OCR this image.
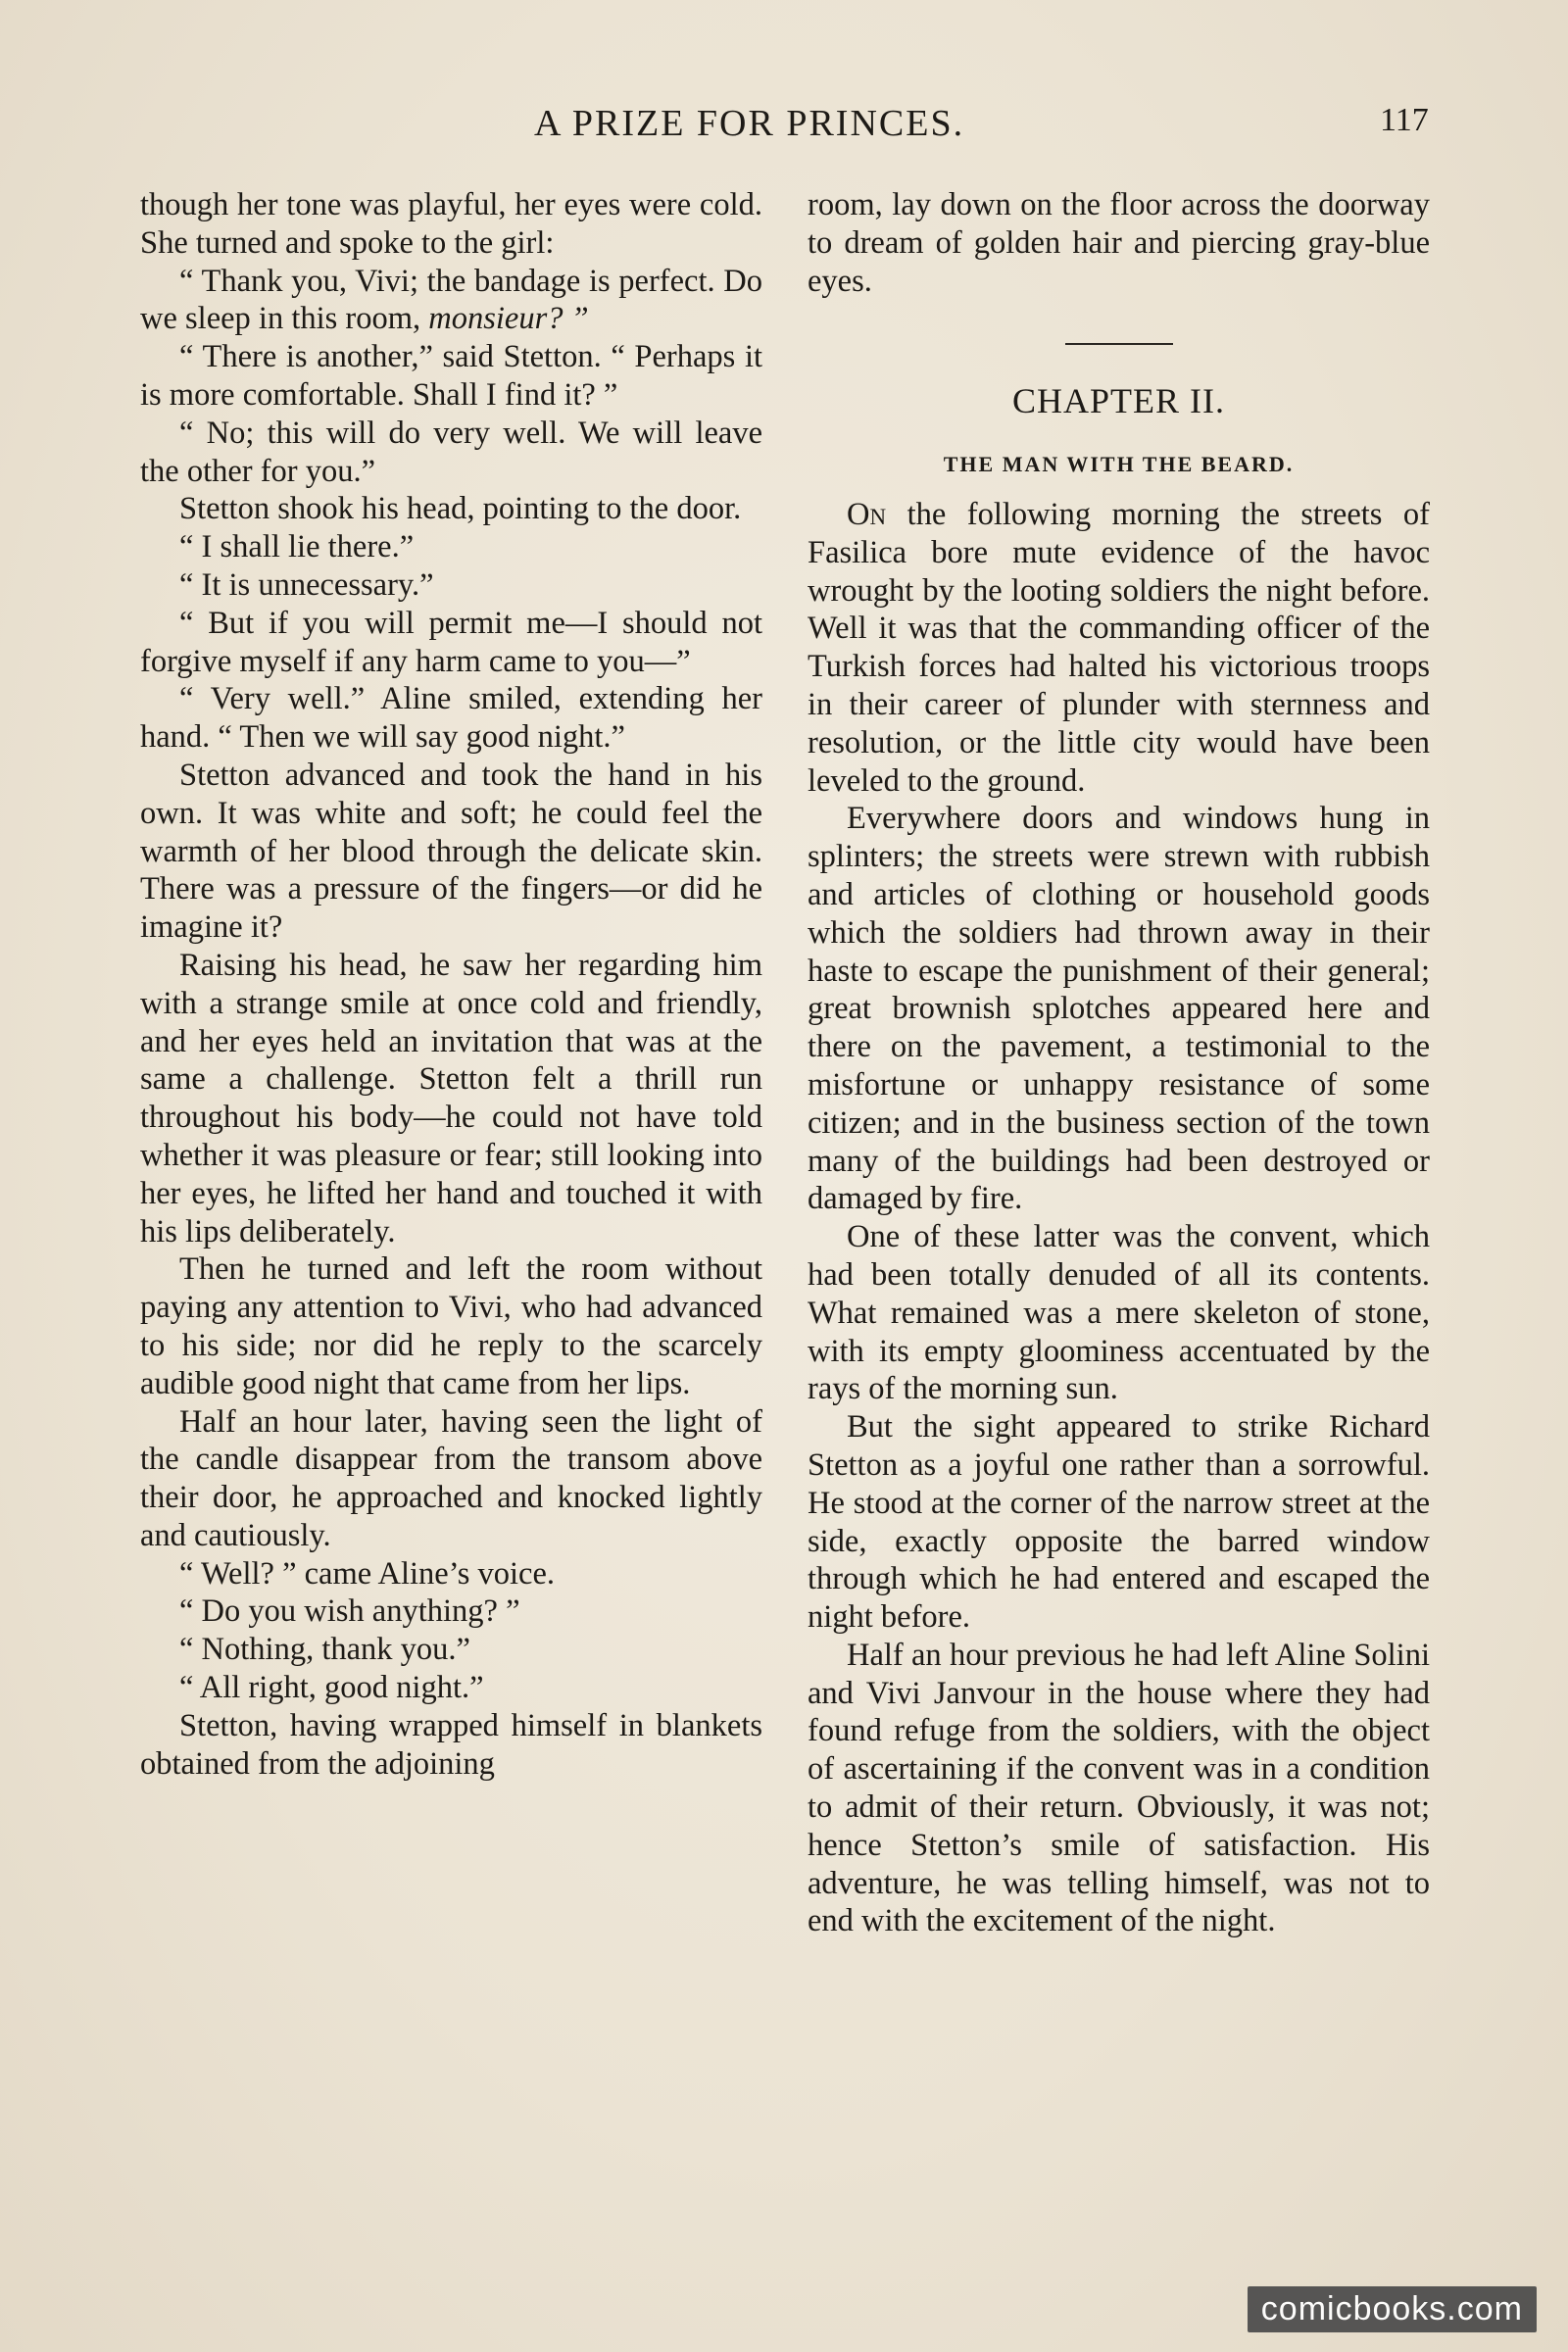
A PRIZE FOR PRINCES.	117

though her tone was playful, her eyes were cold. She turned and spoke to the girl:

“ Thank you, Vivi; the bandage is perfect. Do we sleep in this room, monsieur? ”

“ There is another,” said Stetton. “ Perhaps it is more comfortable. Shall I find it? ”

“ No; this will do very well. We will leave the other for you.”

Stetton shook his head, pointing to the door.

“ I shall lie there.”

“ It is unnecessary.”

“ But if you will permit me—I should not forgive myself if any harm came to you—”

“ Very well.” Aline smiled, extending her hand. “ Then we will say good night.”

Stetton advanced and took the hand in his own. It was white and soft; he could feel the warmth of her blood through the delicate skin. There was a pressure of the fingers—or did he imagine it?

Raising his head, he saw her regarding him with a strange smile at once cold and friendly, and her eyes held an invitation that was at the same a challenge. Stetton felt a thrill run throughout his body—he could not have told whether it was pleasure or fear; still looking into her eyes, he lifted her hand and touched it with his lips deliberately.

Then he turned and left the room without paying any attention to Vivi, who had advanced to his side; nor did he reply to the scarcely audible good night that came from her lips.

Half an hour later, having seen the light of the candle disappear from the transom above their door, he approached and knocked lightly and cautiously.

“ Well? ” came Aline’s voice.

“ Do you wish anything? ”

“ Nothing, thank you.”

“ All right, good night.”

Stetton, having wrapped himself in blankets obtained from the adjoining

room, lay down on the floor across the doorway to dream of golden hair and piercing gray-blue eyes.

CHAPTER II.
THE MAN WITH THE BEARD.

On the following morning the streets of Fasilica bore mute evidence of the havoc wrought by the looting soldiers the night before. Well it was that the commanding officer of the Turkish forces had halted his victorious troops in their career of plunder with sternness and resolution, or the little city would have been leveled to the ground.

Everywhere doors and windows hung in splinters; the streets were strewn with rubbish and articles of clothing or household goods which the soldiers had thrown away in their haste to escape the punishment of their general; great brownish splotches appeared here and there on the pavement, a testimonial to the misfortune or unhappy resistance of some citizen; and in the business section of the town many of the buildings had been destroyed or damaged by fire.

One of these latter was the convent, which had been totally denuded of all its contents. What remained was a mere skeleton of stone, with its empty gloominess accentuated by the rays of the morning sun.

But the sight appeared to strike Richard Stetton as a joyful one rather than a sorrowful. He stood at the corner of the narrow street at the side, exactly opposite the barred window through which he had entered and escaped the night before.

Half an hour previous he had left Aline Solini and Vivi Janvour in the house where they had found refuge from the soldiers, with the object of ascertaining if the convent was in a condition to admit of their return. Obviously, it was not; hence Stetton’s smile of satisfaction. His adventure, he was telling himself, was not to end with the excitement of the night.

comicbooks.com
